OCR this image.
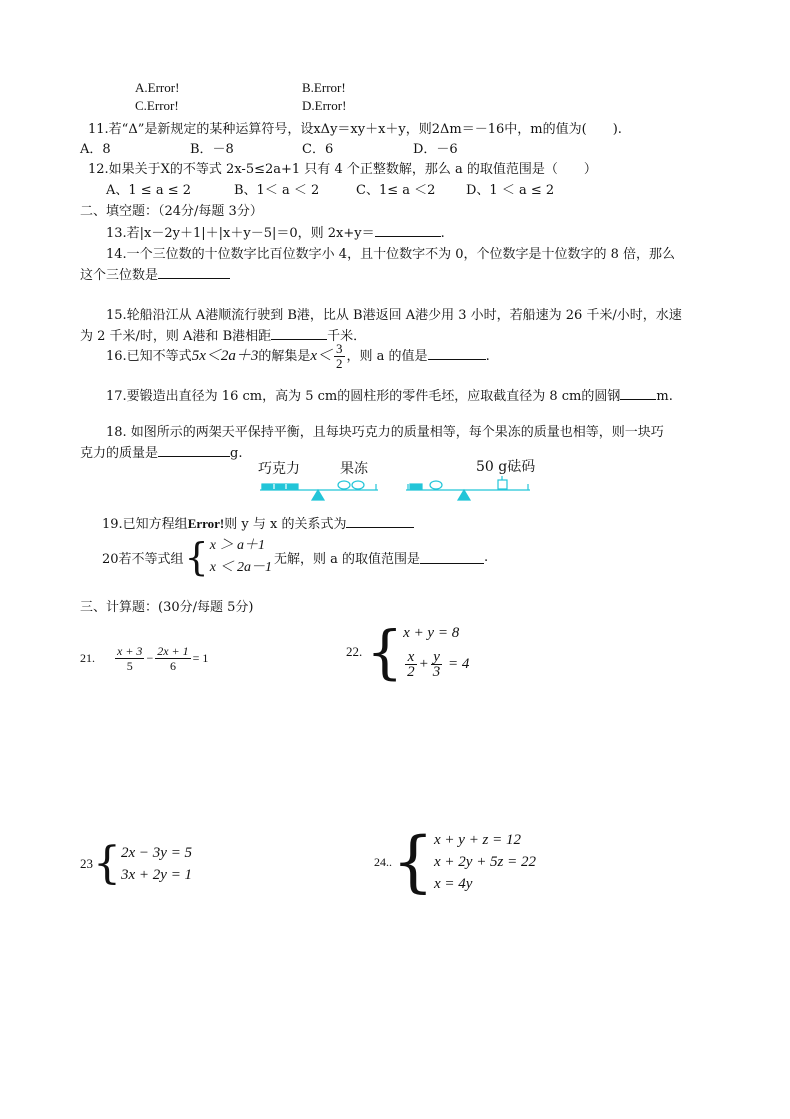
A.Error!	B.Error!
C.Error!	D.Error!
11.若“Δ”是新规定的某种运算符号，设xΔy＝xy＋x＋y，则2Δm＝－16中，m的值为(　　).
A．8	B．－8	C．6	D．－6
12.如果关于X的不等式 2x-5≤2a+1 只有 4 个正整数解，那么 a 的取值范围是（　　）
A、1 ≤ a ≤ 2	B、1＜ a ＜ 2	C、1≤ a ＜2 D、1 ＜ a ≤ 2
二、填空题：（24分/每题 3分）
13.若|x－2y＋1|＋|x＋y－5|＝0，则 2x+y＝	.
14.一个三位数的十位数字比百位数字小 4，且十位数字不为 0，个位数字是十位数字的 8 倍，那么
这个三位数是
15.轮船沿江从 A港顺流行驶到 B港，比从 B港返回 A港少用 3 小时，若船速为 26 千米/小时，水速
为 2 千米/时，则 A港和 B港相距	千米．
16.已知不等式5x＜2a＋3的解集是$x< \frac{3}{2}$ ，则 a 的值是	.
17.要锻造出直径为 16 cm，高为 5 cm的圆柱形的零件毛坯，应取截直径为 8 cm的圆钢	m.
18. 如图所示的两架天平保持平衡，且每块巧克力的质量相等，每个果冻的质量也相等，则一块巧
克力的质量是	g.
巧克力	果冻	50 g砝码
19.已知方程组Error!则 y 与 x 的关系式为
20若不等式组 { x ＞ a＋1
x ＜ 2a－1
无解，则 a 的取值范围是	.
三、计算题：(30分/每题 5分)
21. $\frac{x + 3}{5} - \frac{2x + 1}{6} = 1$	22. { x + y = 8
$\frac{x}{2} + \frac{y}{3} = 4$
23 { 2x − 3y = 5
3x + 2y = 1
24.. { x + y + z = 12
x + 2y + 5z = 22
x = 4y
